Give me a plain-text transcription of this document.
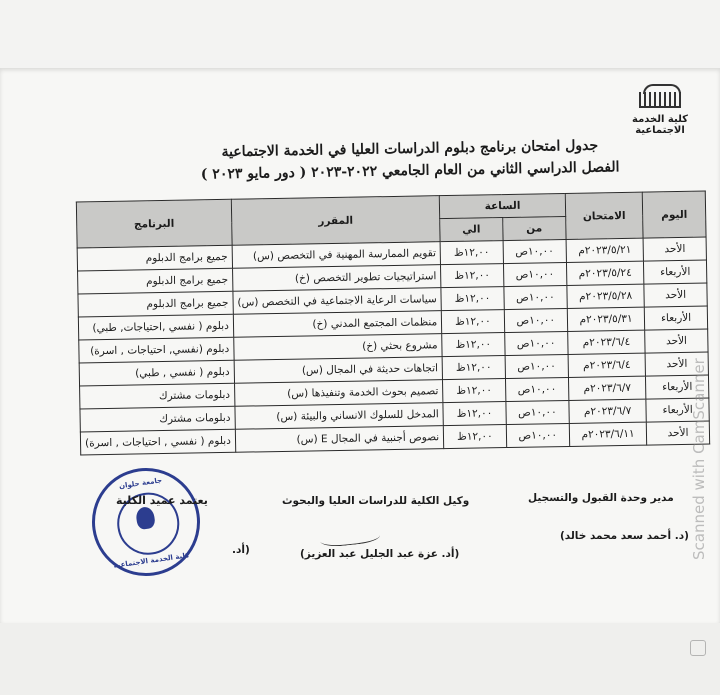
كلية الخدمة الاجتماعية
جدول امتحان برنامج دبلوم الدراسات العليا في الخدمة الاجتماعية
الفصل الدراسي الثاني من العام الجامعي ٢٠٢٢-٢٠٢٣ ( دور مايو ٢٠٢٣ )
اليوم	الامتحان	الساعة		المقرر	البرنامج
		من	الي		
الأحد	٢٠٢٣/٥/٢١م	١٠,٠٠ص	١٢,٠٠ظ	تقويم الممارسة المهنية في التخصص (س)	جميع برامج الدبلوم
الأربعاء	٢٠٢٣/٥/٢٤م	١٠,٠٠ص	١٢,٠٠ظ	استراتيجيات تطوير التخصص (خ)	جميع برامج الدبلوم
الأحد	٢٠٢٣/٥/٢٨م	١٠,٠٠ص	١٢,٠٠ظ	سياسات الرعاية الاجتماعية في التخصص (س)	جميع برامج الدبلوم
الأربعاء	٢٠٢٣/٥/٣١م	١٠,٠٠ص	١٢,٠٠ظ	منظمات المجتمع المدني (خ)	دبلوم ( نفسي ,احتياجات, طبي)
الأحد	٢٠٢٣/٦/٤م	١٠,٠٠ص	١٢,٠٠ظ	مشروع بحثي (خ)	دبلوم (نفسي, احتياجات , اسرة)
الأحد	٢٠٢٣/٦/٤م	١٠,٠٠ص	١٢,٠٠ظ	اتجاهات حديثة في المجال (س)	دبلوم ( نفسي , طبي)
الأربعاء	٢٠٢٣/٦/٧م	١٠,٠٠ص	١٢,٠٠ظ	تصميم بحوث الخدمة وتنفيذها (س)	دبلومات مشترك
الأربعاء	٢٠٢٣/٦/٧م	١٠,٠٠ص	١٢,٠٠ظ	المدخل للسلوك الانساني والبيئة (س)	دبلومات مشترك
الأحد	٢٠٢٣/٦/١١م	١٠,٠٠ص	١٢,٠٠ظ	نصوص أجنبية في المجال E (س)	دبلوم ( نفسي , احتياجات , اسرة)
مدير وحدة القبول والتسجيل
(د. أحمد سعد محمد خالد)
وكيل الكلية للدراسات العليا والبحوث
(أد. عزة عبد الجليل عبد العزيز)
جامعة حلوان
كلية الخدمة الاجتماعية
يعتمد عميد الكلية
(أد.	Scanned with CamScanner
